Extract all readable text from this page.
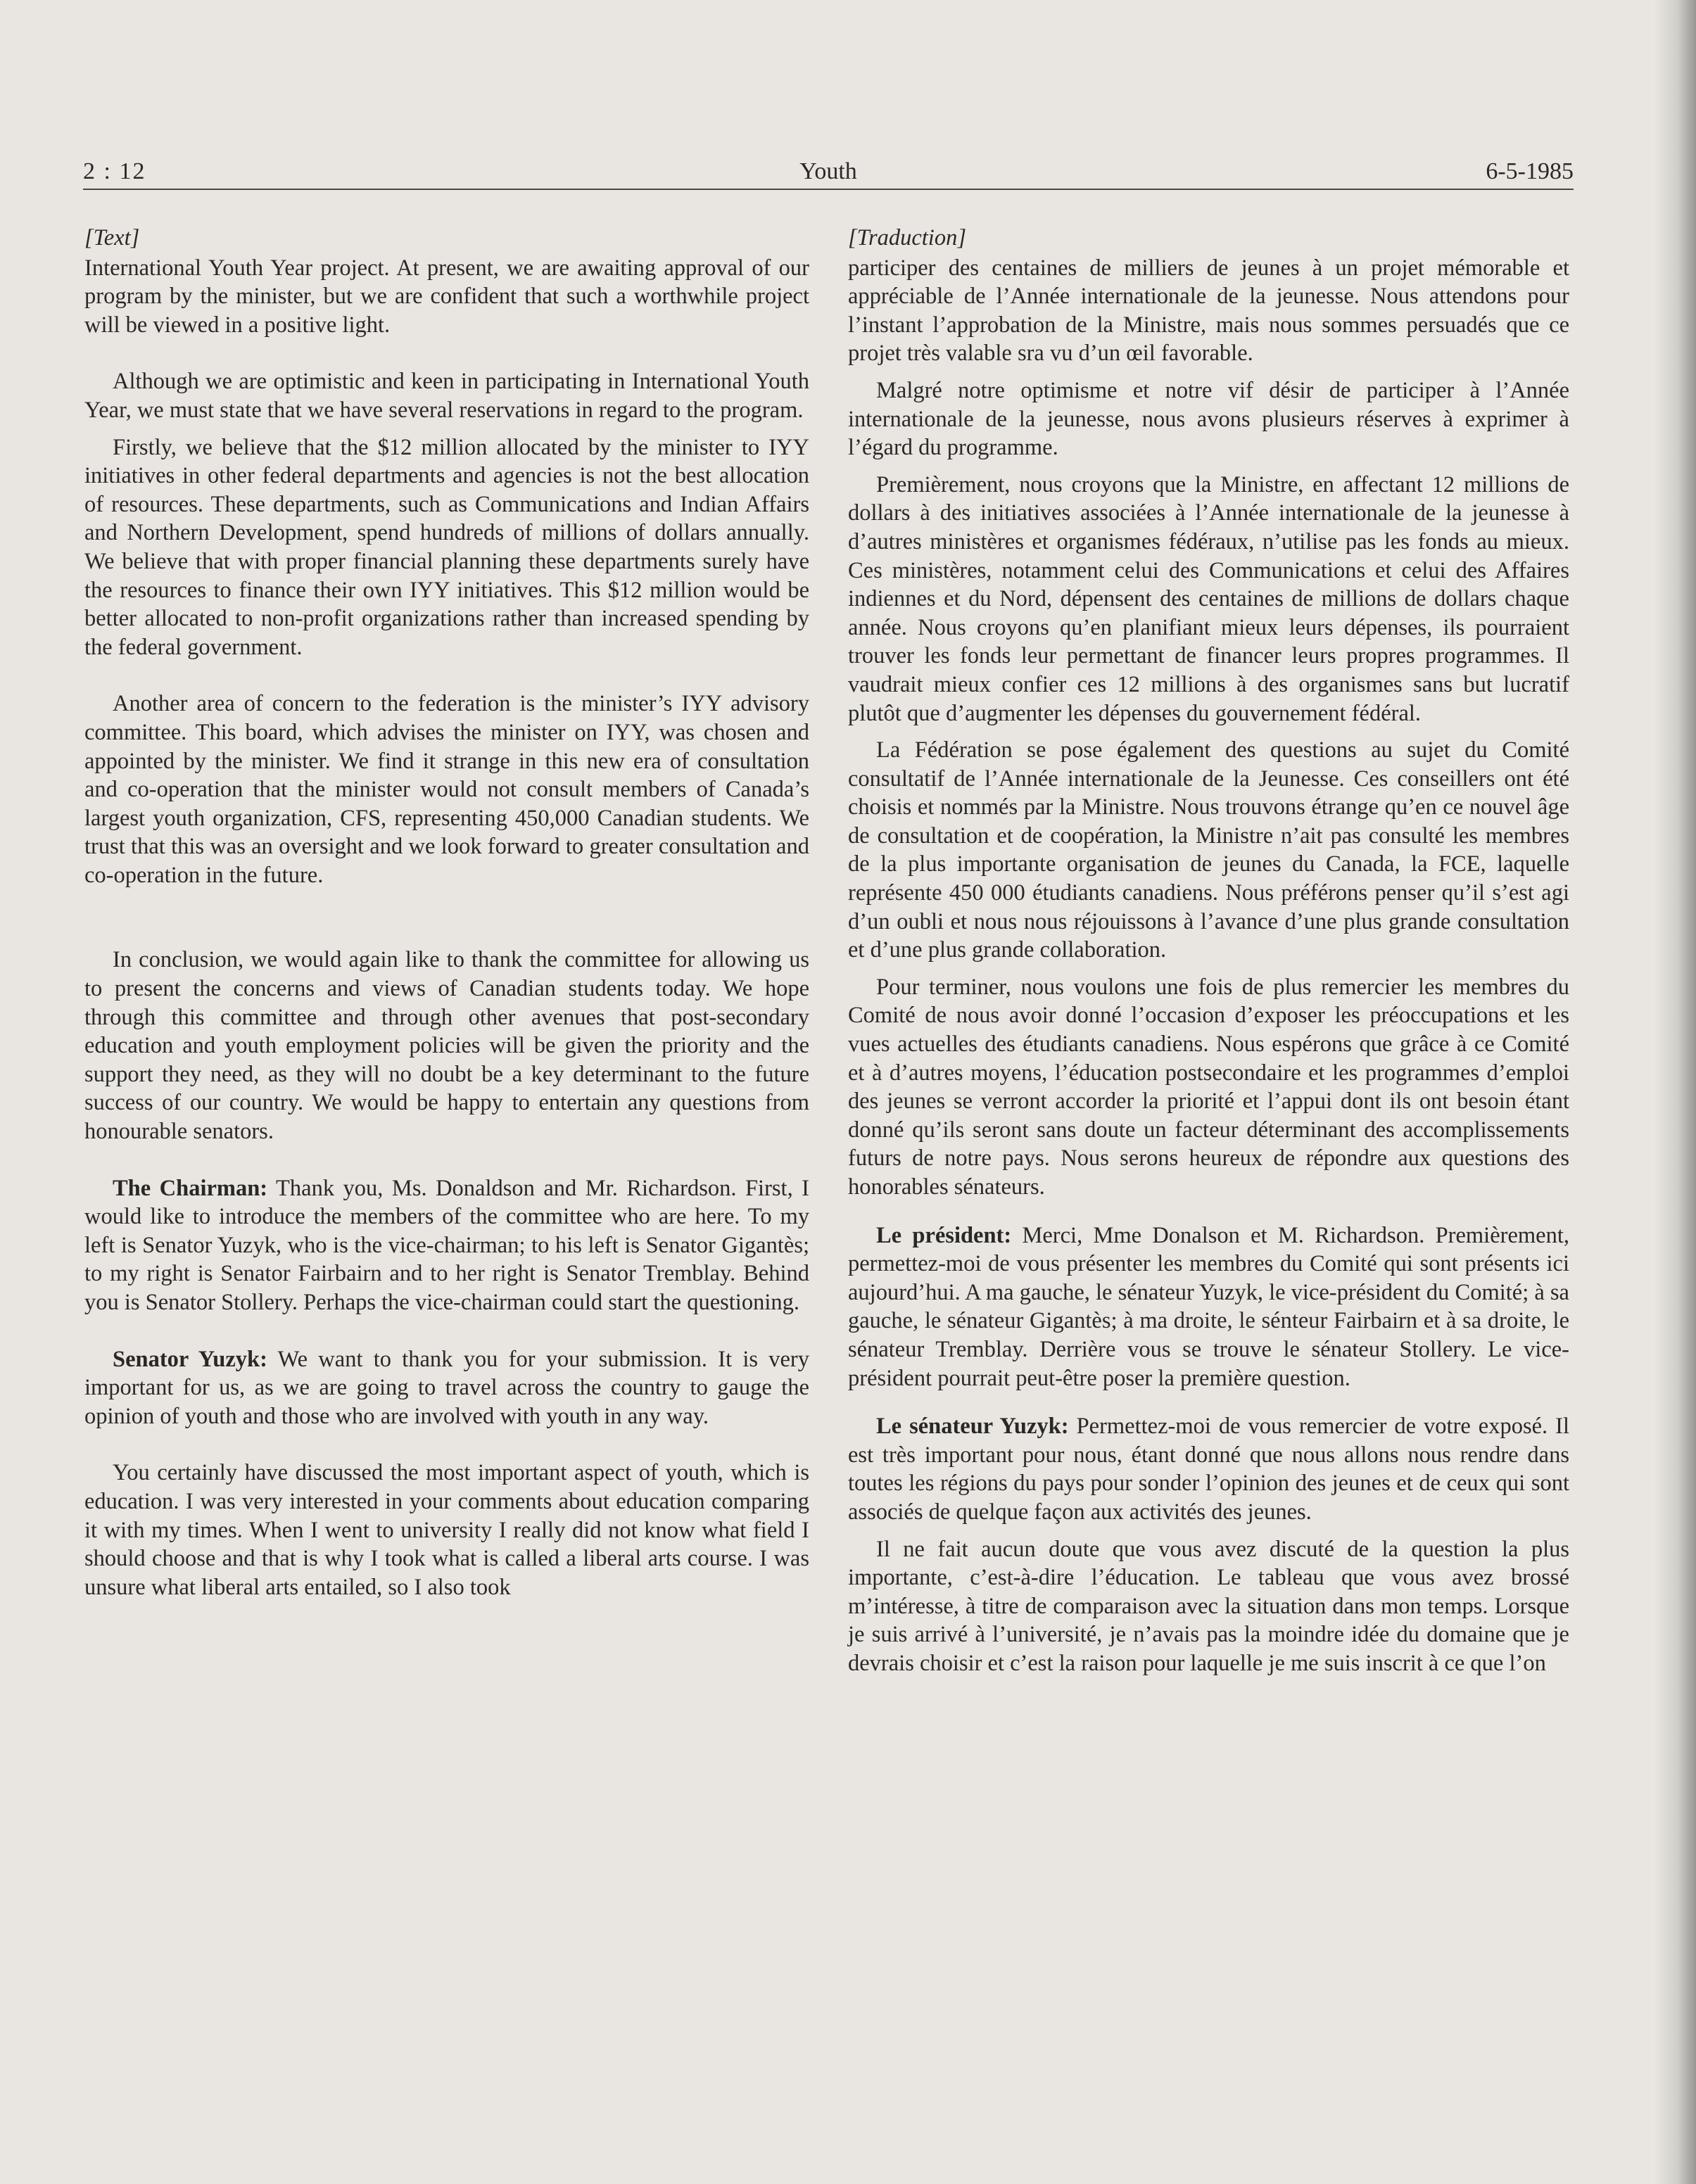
2 : 12	Youth	6-5-1985
[Text]

International Youth Year project. At present, we are awaiting approval of our program by the minister, but we are confident that such a worthwhile project will be viewed in a positive light.

Although we are optimistic and keen in participating in International Youth Year, we must state that we have several reservations in regard to the program.

Firstly, we believe that the $12 million allocated by the minister to IYY initiatives in other federal departments and agencies is not the best allocation of resources. These departments, such as Communications and Indian Affairs and Northern Development, spend hundreds of millions of dollars annually. We believe that with proper financial planning these departments surely have the resources to finance their own IYY initiatives. This $12 million would be better allocated to non-profit organizations rather than increased spending by the federal government.

Another area of concern to the federation is the minister’s IYY advisory committee. This board, which advises the minister on IYY, was chosen and appointed by the minister. We find it strange in this new era of consultation and co-operation that the minister would not consult members of Canada’s largest youth organization, CFS, representing 450,000 Canadian students. We trust that this was an oversight and we look forward to greater consultation and co-operation in the future.

In conclusion, we would again like to thank the committee for allowing us to present the concerns and views of Canadian students today. We hope through this committee and through other avenues that post-secondary education and youth employment policies will be given the priority and the support they need, as they will no doubt be a key determinant to the future success of our country. We would be happy to entertain any questions from honourable senators.

The Chairman: Thank you, Ms. Donaldson and Mr. Richardson. First, I would like to introduce the members of the committee who are here. To my left is Senator Yuzyk, who is the vice-chairman; to his left is Senator Gigantès; to my right is Senator Fairbairn and to her right is Senator Tremblay. Behind you is Senator Stollery. Perhaps the vice-chairman could start the questioning.

Senator Yuzyk: We want to thank you for your submission. It is very important for us, as we are going to travel across the country to gauge the opinion of youth and those who are involved with youth in any way.

You certainly have discussed the most important aspect of youth, which is education. I was very interested in your comments about education comparing it with my times. When I went to university I really did not know what field I should choose and that is why I took what is called a liberal arts course. I was unsure what liberal arts entailed, so I also took

[Traduction]

participer des centaines de milliers de jeunes à un projet mémorable et appréciable de l’Année internationale de la jeunesse. Nous attendons pour l’instant l’approbation de la Ministre, mais nous sommes persuadés que ce projet très valable sra vu d’un œil favorable.

Malgré notre optimisme et notre vif désir de participer à l’Année internationale de la jeunesse, nous avons plusieurs réserves à exprimer à l’égard du programme.

Premièrement, nous croyons que la Ministre, en affectant 12 millions de dollars à des initiatives associées à l’Année internationale de la jeunesse à d’autres ministères et organismes fédéraux, n’utilise pas les fonds au mieux. Ces ministères, notamment celui des Communications et celui des Affaires indiennes et du Nord, dépensent des centaines de millions de dollars chaque année. Nous croyons qu’en planifiant mieux leurs dépenses, ils pourraient trouver les fonds leur permettant de financer leurs propres programmes. Il vaudrait mieux confier ces 12 millions à des organismes sans but lucratif plutôt que d’augmenter les dépenses du gouvernement fédéral.

La Fédération se pose également des questions au sujet du Comité consultatif de l’Année internationale de la Jeunesse. Ces conseillers ont été choisis et nommés par la Ministre. Nous trouvons étrange qu’en ce nouvel âge de consultation et de coopération, la Ministre n’ait pas consulté les membres de la plus importante organisation de jeunes du Canada, la FCE, laquelle représente 450 000 étudiants canadiens. Nous préférons penser qu’il s’est agi d’un oubli et nous nous réjouissons à l’avance d’une plus grande consultation et d’une plus grande collaboration.

Pour terminer, nous voulons une fois de plus remercier les membres du Comité de nous avoir donné l’occasion d’exposer les préoccupations et les vues actuelles des étudiants canadiens. Nous espérons que grâce à ce Comité et à d’autres moyens, l’éducation postsecondaire et les programmes d’emploi des jeunes se verront accorder la priorité et l’appui dont ils ont besoin étant donné qu’ils seront sans doute un facteur déterminant des accomplissements futurs de notre pays. Nous serons heureux de répondre aux questions des honorables sénateurs.

Le président: Merci, Mme Donalson et M. Richardson. Premièrement, permettez-moi de vous présenter les membres du Comité qui sont présents ici aujourd’hui. A ma gauche, le sénateur Yuzyk, le vice-président du Comité; à sa gauche, le sénateur Gigantès; à ma droite, le sénteur Fairbairn et à sa droite, le sénateur Tremblay. Derrière vous se trouve le sénateur Stollery. Le vice-président pourrait peut-être poser la première question.

Le sénateur Yuzyk: Permettez-moi de vous remercier de votre exposé. Il est très important pour nous, étant donné que nous allons nous rendre dans toutes les régions du pays pour sonder l’opinion des jeunes et de ceux qui sont associés de quelque façon aux activités des jeunes.

Il ne fait aucun doute que vous avez discuté de la question la plus importante, c’est-à-dire l’éducation. Le tableau que vous avez brossé m’intéresse, à titre de comparaison avec la situation dans mon temps. Lorsque je suis arrivé à l’université, je n’avais pas la moindre idée du domaine que je devrais choisir et c’est la raison pour laquelle je me suis inscrit à ce que l’on
